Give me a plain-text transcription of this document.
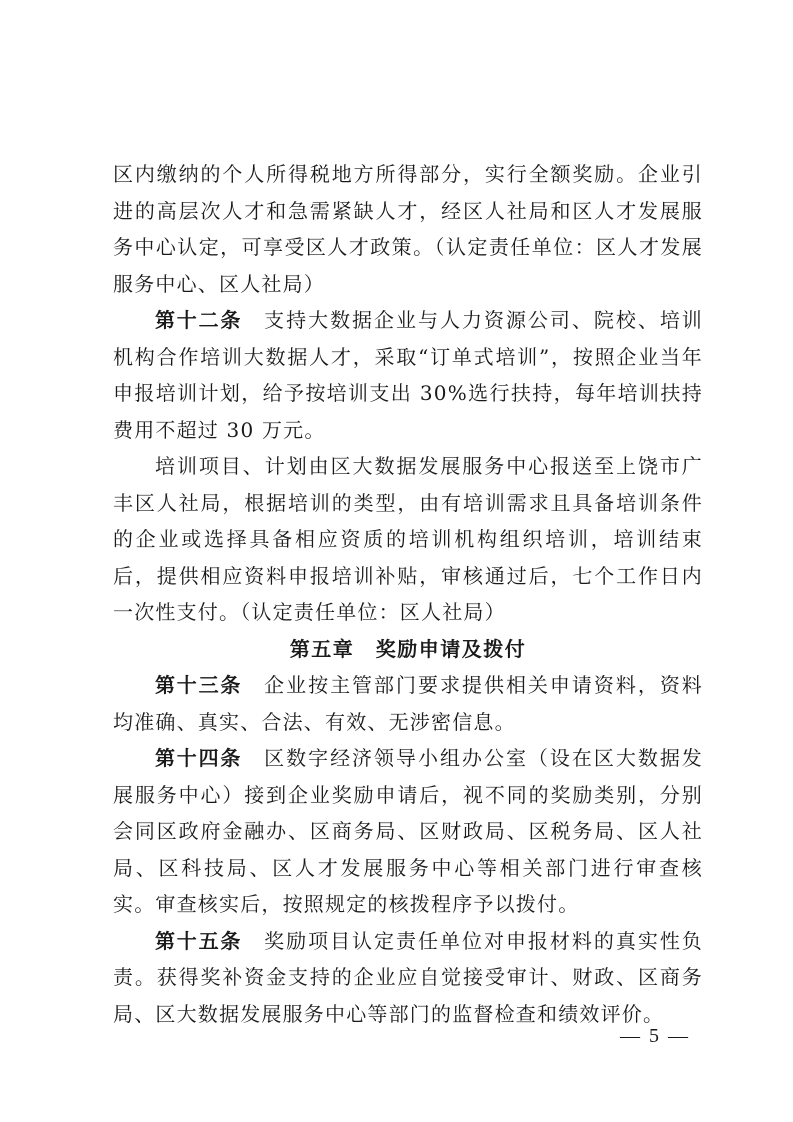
区内缴纳的个人所得税地方所得部分，实行全额奖励。企业引进的高层次人才和急需紧缺人才，经区人社局和区人才发展服务中心认定，可享受区人才政策。（认定责任单位：区人才发展服务中心、区人社局）

第十二条　 支持大数据企业与人力资源公司、院校、培训机构合作培训大数据人才，采取“订单式培训”，按照企业当年申报培训计划，给予按培训支出 30%选行扶持，每年培训扶持费用不超过 30 万元。

培训项目、计划由区大数据发展服务中心报送至上饶市广丰区人社局，根据培训的类型，由有培训需求且具备培训条件的企业或选择具备相应资质的培训机构组织培训，培训结束后，提供相应资料申报培训补贴，审核通过后，七个工作日内一次性支付。（认定责任单位：区人社局）

第五章　奖励申请及拨付

第十三条　 企业按主管部门要求提供相关申请资料，资料均准确、真实、合法、有效、无涉密信息。

第十四条　 区数字经济领导小组办公室（设在区大数据发展服务中心）接到企业奖励申请后，视不同的奖励类别，分别会同区政府金融办、区商务局、区财政局、区税务局、区人社局、区科技局、区人才发展服务中心等相关部门进行审查核实。审查核实后，按照规定的核拨程序予以拨付。

第十五条　 奖励项目认定责任单位对申报材料的真实性负责。获得奖补资金支持的企业应自觉接受审计、财政、区商务局、区大数据发展服务中心等部门的监督检查和绩效评价。

— 5 —
